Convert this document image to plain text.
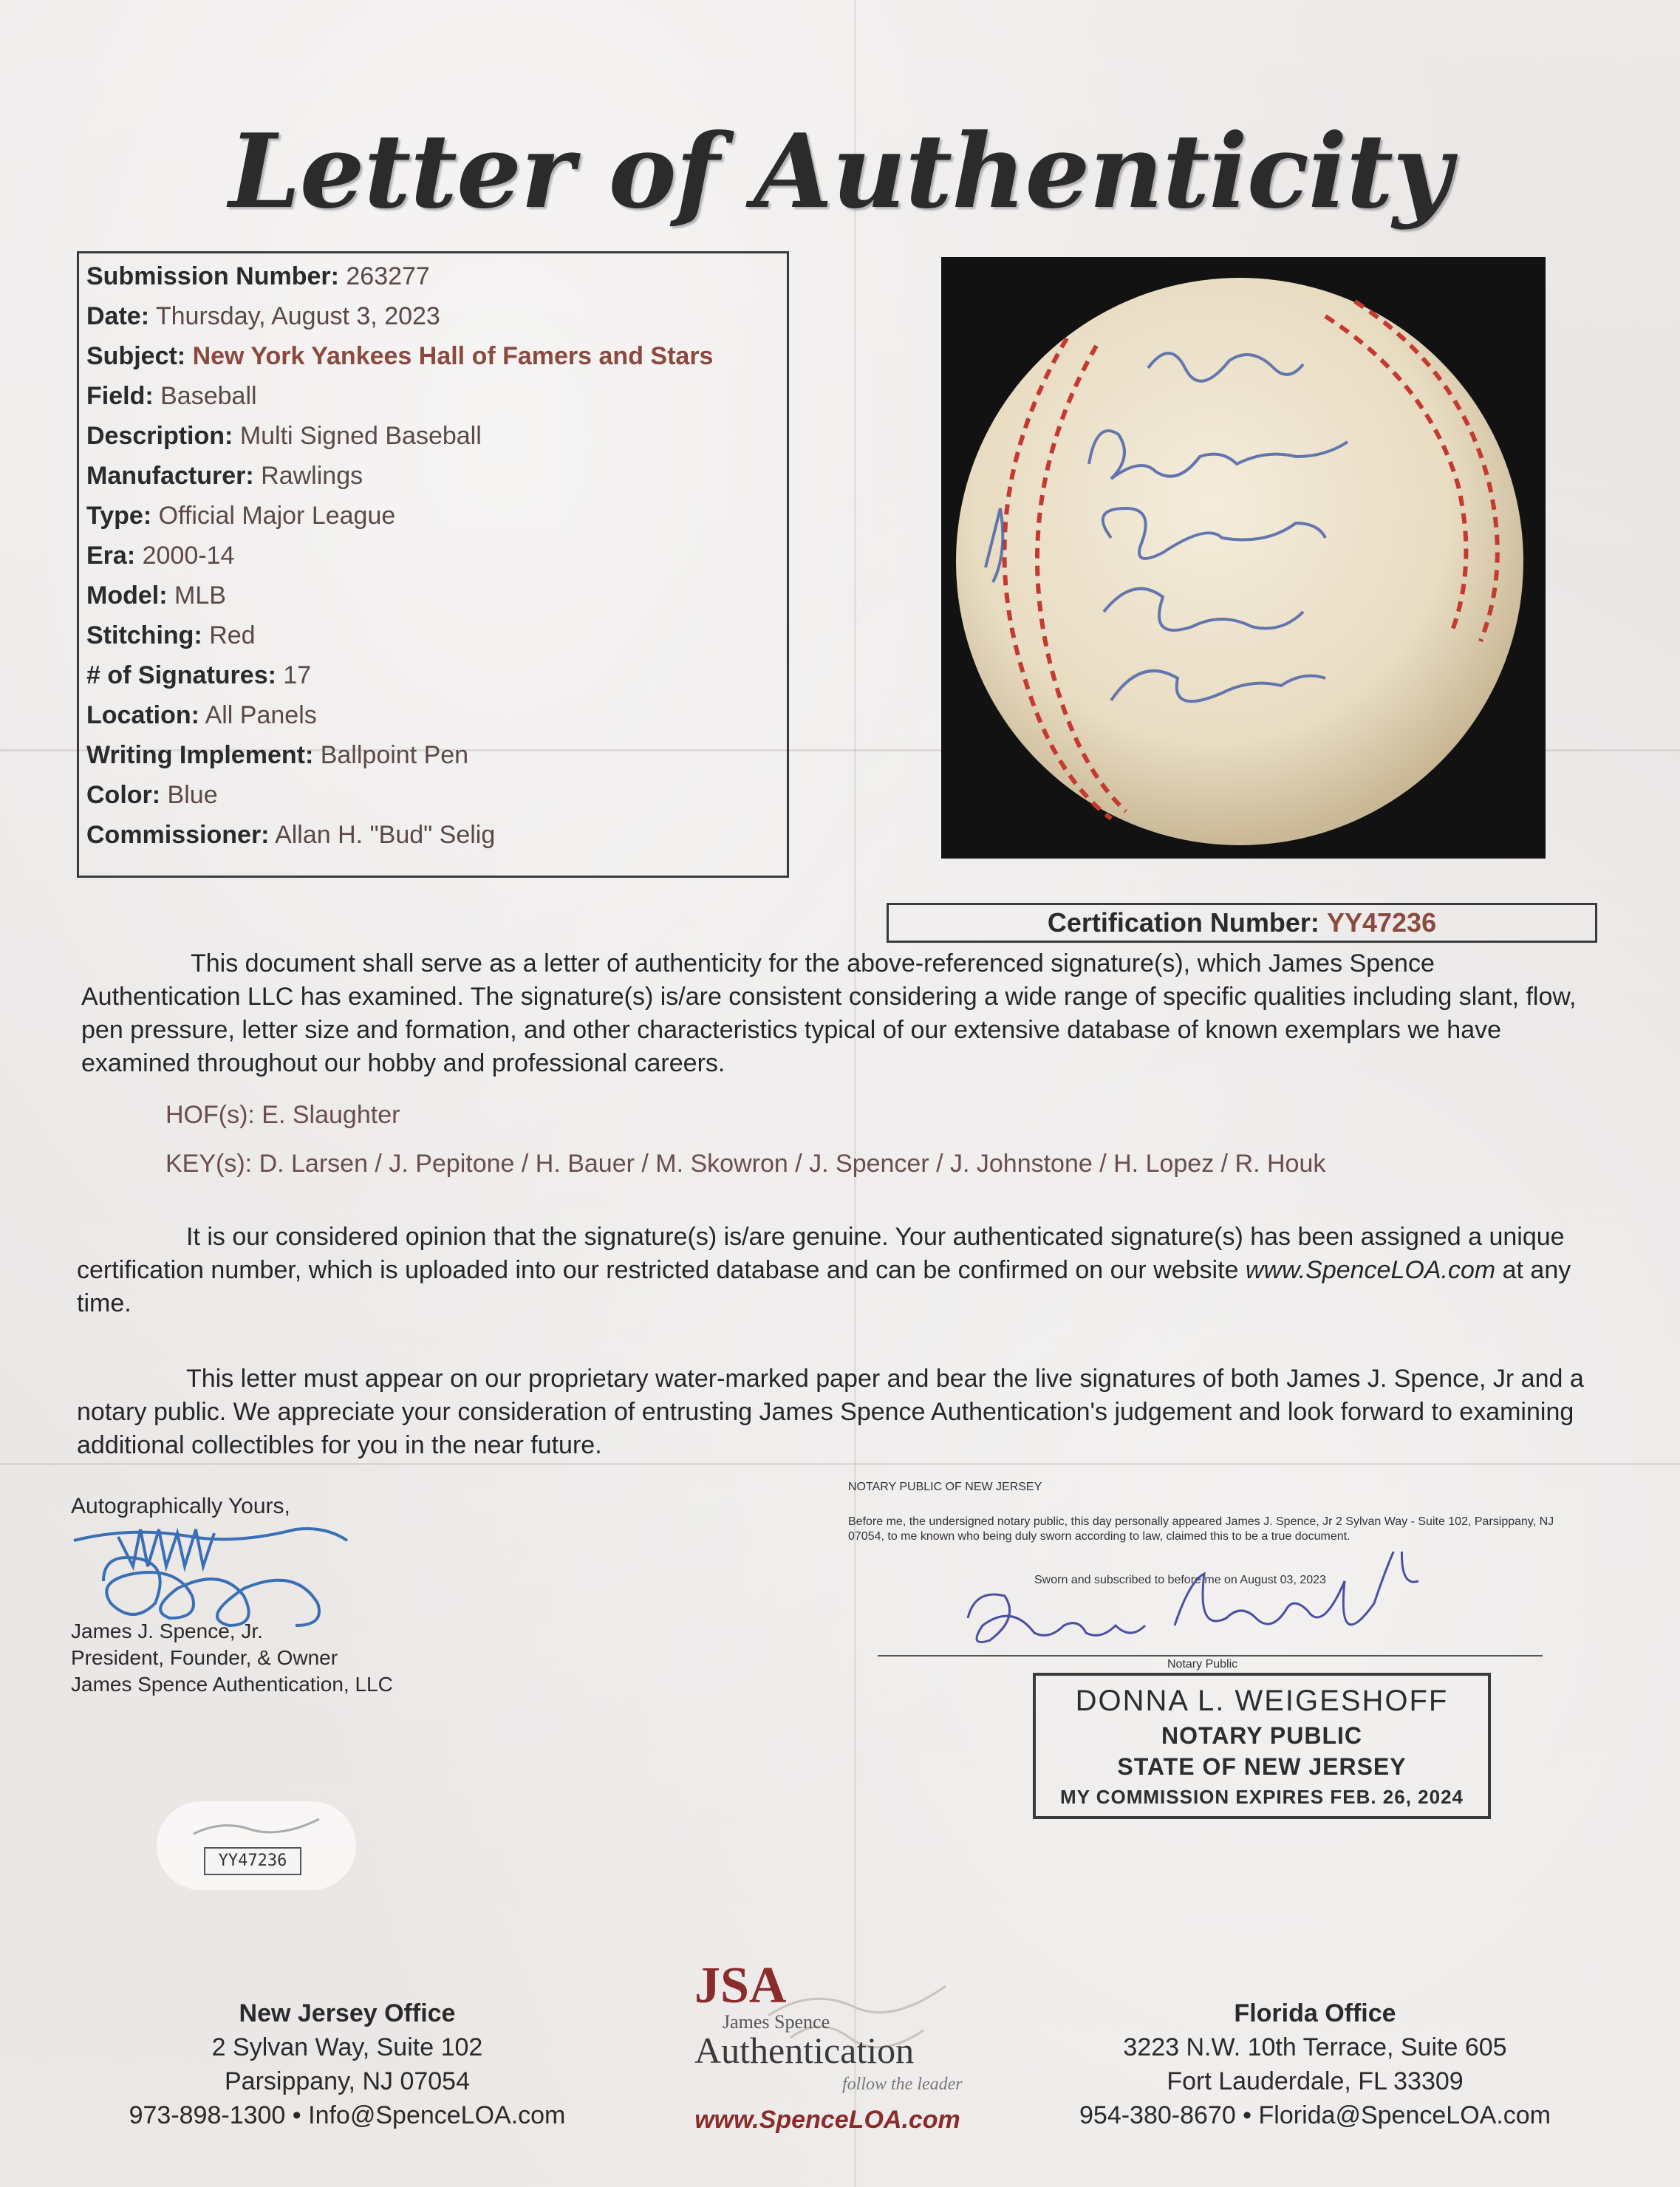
Letter of Authenticity
Submission Number: 263277
Date: Thursday, August 3, 2023
Subject: New York Yankees Hall of Famers and Stars
Field: Baseball
Description: Multi Signed Baseball
Manufacturer: Rawlings
Type: Official Major League
Era: 2000-14
Model: MLB
Stitching: Red
# of Signatures: 17
Location: All Panels
Writing Implement: Ballpoint Pen
Color: Blue
Commissioner: Allan H. "Bud" Selig
Certification Number: YY47236
This document shall serve as a letter of authenticity for the above-referenced signature(s), which James Spence Authentication LLC has examined. The signature(s) is/are consistent considering a wide range of specific qualities including slant, flow, pen pressure, letter size and formation, and other characteristics typical of our extensive database of known exemplars we have examined throughout our hobby and professional careers.
HOF(s): E. Slaughter
KEY(s): D. Larsen / J. Pepitone / H. Bauer / M. Skowron / J. Spencer / J. Johnstone / H. Lopez / R. Houk
It is our considered opinion that the signature(s) is/are genuine. Your authenticated signature(s) has been assigned a unique certification number, which is uploaded into our restricted database and can be confirmed on our website www.SpenceLOA.com at any time.
This letter must appear on our proprietary water-marked paper and bear the live signatures of both James J. Spence, Jr and a notary public. We appreciate your consideration of entrusting James Spence Authentication's judgement and look forward to examining additional collectibles for you in the near future.
Autographically Yours,
James J. Spence, Jr.
President, Founder, & Owner
James Spence Authentication, LLC
YY47236
NOTARY PUBLIC OF NEW JERSEY
Before me, the undersigned notary public, this day personally appeared James J. Spence, Jr 2 Sylvan Way - Suite 102, Parsippany, NJ 07054, to me known who being duly sworn according to law, claimed this to be a true document.
Sworn and subscribed to before me on August 03, 2023
Notary Public
DONNA L. WEIGESHOFF
NOTARY PUBLIC
STATE OF NEW JERSEY
MY COMMISSION EXPIRES FEB. 26, 2024
New Jersey Office
2 Sylvan Way, Suite 102
Parsippany, NJ 07054
973-898-1300 • Info@SpenceLOA.com
JSA
James Spence
Authentication
follow the leader
www.SpenceLOA.com
Florida Office
3223 N.W. 10th Terrace, Suite 605
Fort Lauderdale, FL 33309
954-380-8670 • Florida@SpenceLOA.com
